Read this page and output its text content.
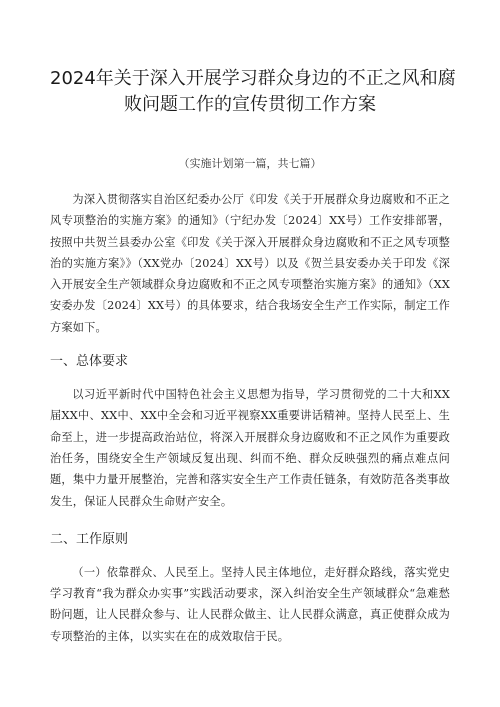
2024年关于深入开展学习群众身边的不正之风和腐
败问题工作的宣传贯彻工作方案
（实施计划第一篇，共七篇）

为深入贯彻落实自治区纪委办公厅《印发《关于开展群众身边腐败和不正之风专项整治的实施方案》的通知》（宁纪办发〔2024〕XX号）工作安排部署，按照中共贺兰县委办公室《印发《关于深入开展群众身边腐败和不正之风专项整治的实施方案》》（XX党办〔2024〕XX号）以及《贺兰县安委办关于印发《深入开展安全生产领域群众身边腐败和不正之风专项整治实施方案》的通知》（XX安委办发〔2024〕XX号）的具体要求，结合我场安全生产工作实际，制定工作方案如下。

一、总体要求

以习近平新时代中国特色社会主义思想为指导，学习贯彻党的二十大和XX届XX中、XX中、XX中全会和习近平视察XX重要讲话精神。坚持人民至上、生命至上，进一步提高政治站位，将深入开展群众身边腐败和不正之风作为重要政治任务，围绕安全生产领域反复出现、纠而不绝、群众反映强烈的痛点难点问题，集中力量开展整治，完善和落实安全生产工作责任链条，有效防范各类事故发生，保证人民群众生命财产安全。

二、工作原则

（一）依靠群众、人民至上。坚持人民主体地位，走好群众路线，落实党史学习教育“我为群众办实事”实践活动要求，深入纠治安全生产领域群众“急难愁盼问题，让人民群众参与、让人民群众做主、让人民群众满意，真正使群众成为专项整治的主体，以实实在在的成效取信于民。
